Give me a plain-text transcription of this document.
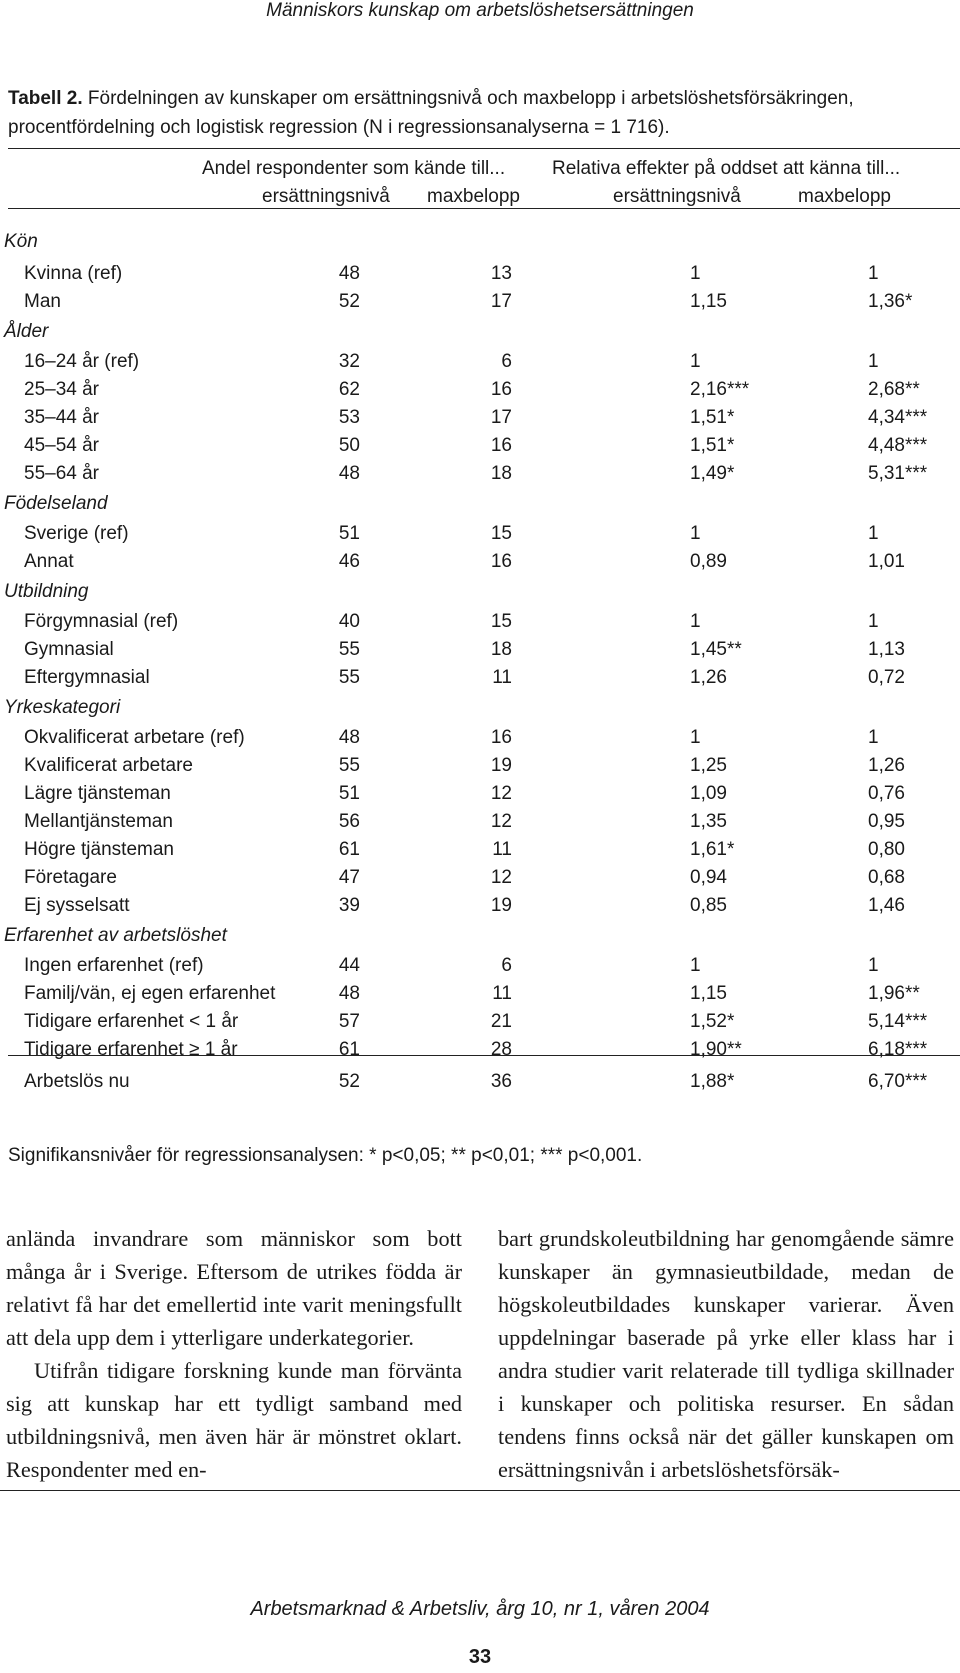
Människors kunskap om arbetslöshetsersättningen
Tabell 2. Fördelningen av kunskaper om ersättningsnivå och maxbelopp i arbetslöshetsförsäkringen, procentfördelning och logistisk regression (N i regressionsanalyserna = 1 716).
Andel respondenter som kände till... Relativa effekter på oddset att känna till...
ersättningsnivå maxbelopp	ersättningsnivå	maxbelopp
Kön
Kvinna (ref)	48	13	1	1
Man	52	17	1,15	1,36*
Ålder
16–24 år (ref)	32	6	1	1
25–34 år	62	16	2,16***	2,68**
35–44 år	53	17	1,51*	4,34***
45–54 år	50	16	1,51*	4,48***
55–64 år	48	18	1,49*	5,31***
Födelseland
Sverige (ref)	51	15	1	1
Annat	46	16	0,89	1,01
Utbildning
Förgymnasial (ref)	40	15	1	1
Gymnasial	55	18	1,45**	1,13
Eftergymnasial	55	11	1,26	0,72
Yrkeskategori
Okvalificerat arbetare (ref)	48	16	1	1
Kvalificerat arbetare	55	19	1,25	1,26
Lägre tjänsteman	51	12	1,09	0,76
Mellantjänsteman	56	12	1,35	0,95
Högre tjänsteman	61	11	1,61*	0,80
Företagare	47	12	0,94	0,68
Ej sysselsatt	39	19	0,85	1,46
Erfarenhet av arbetslöshet
Ingen erfarenhet (ref)	44	6	1	1
Familj/vän, ej egen erfarenhet	48	11	1,15	1,96**
Tidigare erfarenhet < 1 år	57	21	1,52*	5,14***
Tidigare erfarenhet ≥ 1 år	61	28	1,90**	6,18***
Arbetslös nu	52	36	1,88*	6,70***
Signifikansnivåer för regressionsanalysen: * p<0,05; ** p<0,01; *** p<0,001.

anlända invandrare som människor som bott många år i Sverige. Eftersom de utrikes födda är relativt få har det emellertid inte varit meningsfullt att dela upp dem i ytterligare underkategorier.

Utifrån tidigare forskning kunde man förvänta sig att kunskap har ett tydligt samband med utbildningsnivå, men även här är mönstret oklart. Respondenter med en-

bart grundskoleutbildning har genomgående sämre kunskaper än gymnasieutbildade, medan de högskoleutbildades kunskaper varierar. Även uppdelningar baserade på yrke eller klass har i andra studier varit relaterade till tydliga skillnader i kunskaper och politiska resurser. En sådan tendens finns också när det gäller kunskapen om ersättningsnivån i arbetslöshetsförsäk-

Arbetsmarknad & Arbetsliv, årg 10, nr 1, våren 2004
33
